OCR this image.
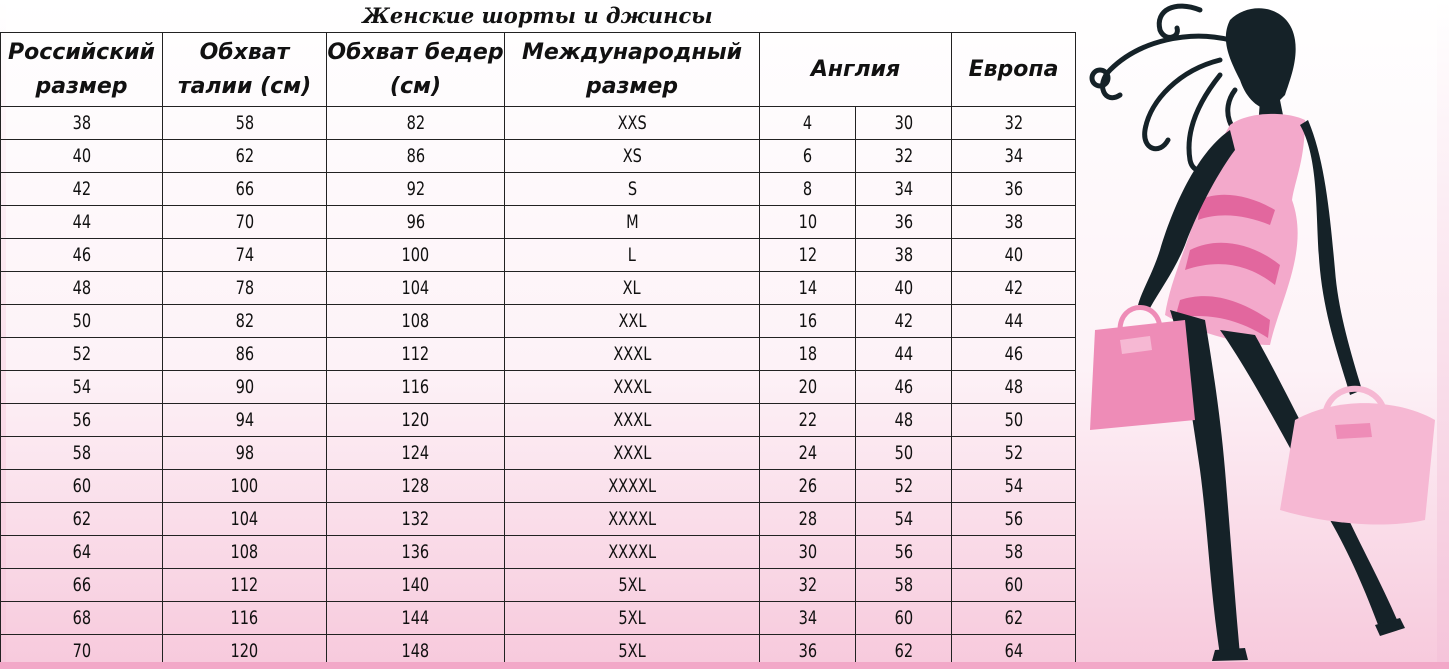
Женские шорты и джинсы
Российский размер	Обхват талии (см)	Обхват бедер (см)	Международный размер	Англия		Европа
38	58	82	XXS	4	30	32
40	62	86	XS	6	32	34
42	66	92	S	8	34	36
44	70	96	M	10	36	38
46	74	100	L	12	38	40
48	78	104	XL	14	40	42
50	82	108	XXL	16	42	44
52	86	112	XXXL	18	44	46
54	90	116	XXXL	20	46	48
56	94	120	XXXL	22	48	50
58	98	124	XXXL	24	50	52
60	100	128	XXXXL	26	52	54
62	104	132	XXXXL	28	54	56
64	108	136	XXXXL	30	56	58
66	112	140	5XL	32	58	60
68	116	144	5XL	34	60	62
70	120	148	5XL	36	62	64
